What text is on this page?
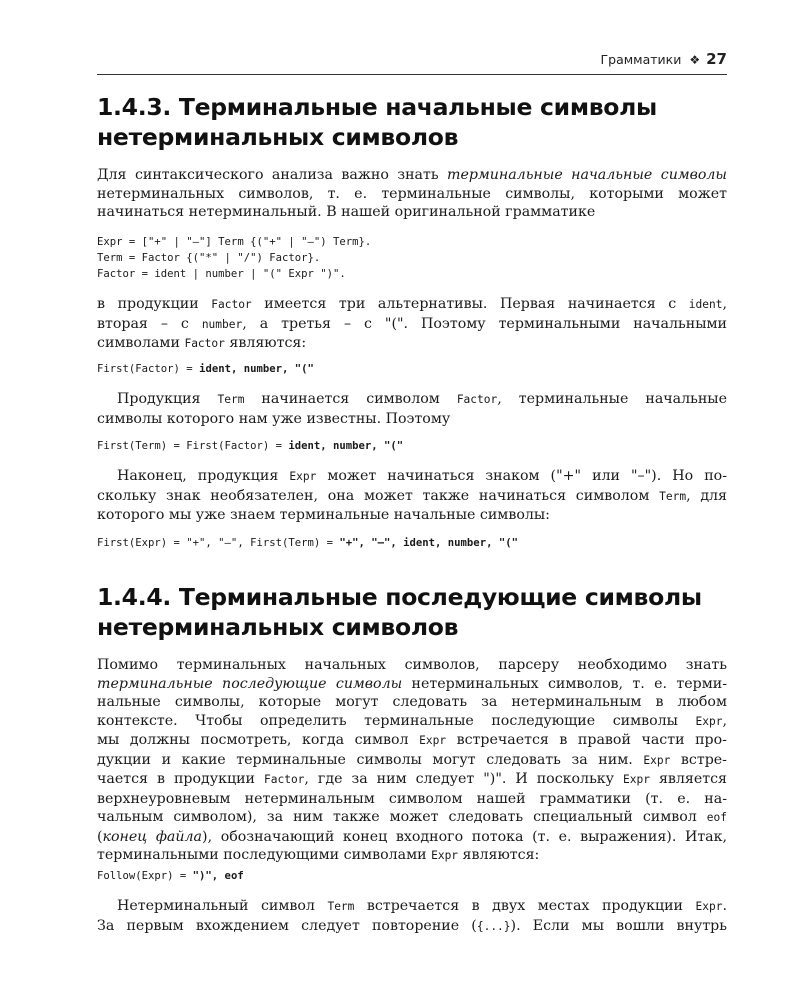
Грамматики ❖ 27
1.4.3. Терминальные начальные символы
нетерминальных символов
Для синтаксического анализа важно знать терминальные начальные символы
нетерминальных символов, т. е. терминальные символы, которыми может
начинаться нетерминальный. В нашей оригинальной грамматике
Expr = ["+" | "–"] Term {("+" | "–") Term}.
Term = Factor {("*" | "/") Factor}.
Factor = ident | number | "(" Expr ")".
в продукции Factor имеется три альтернативы. Первая начинается с ident,
вторая – с number, а третья – с "(". Поэтому терминальными начальными
символами Factor являются:
First(Factor) = ident, number, "("
Продукция Term начинается символом Factor, терминальные начальные
символы которого нам уже известны. Поэтому
First(Term) = First(Factor) = ident, number, "("
Наконец, продукция Expr может начинаться знаком ("+" или "–"). Но по-
скольку знак необязателен, она может также начинаться символом Term, для
которого мы уже знаем терминальные начальные символы:
First(Expr) = "+", "–", First(Term) = "+", "–", ident, number, "("
1.4.4. Терминальные последующие символы
нетерминальных символов
Помимо терминальных начальных символов, парсеру необходимо знать
терминальные последующие символы нетерминальных символов, т. е. терми-
нальные символы, которые могут следовать за нетерминальным в любом
контексте. Чтобы определить терминальные последующие символы Expr,
мы должны посмотреть, когда символ Expr встречается в правой части про-
дукции и какие терминальные символы могут следовать за ним. Expr встре-
чается в продукции Factor, где за ним следует ")". И поскольку Expr является
верхнеуровневым нетерминальным символом нашей грамматики (т. е. на-
чальным символом), за ним также может следовать специальный символ eof
(конец файла), обозначающий конец входного потока (т. е. выражения). Итак,
терминальными последующими символами Expr являются:
Follow(Expr) = ")", eof
Нетерминальный символ Term встречается в двух местах продукции Expr.
За первым вхождением следует повторение ({...}). Если мы вошли внутрь
